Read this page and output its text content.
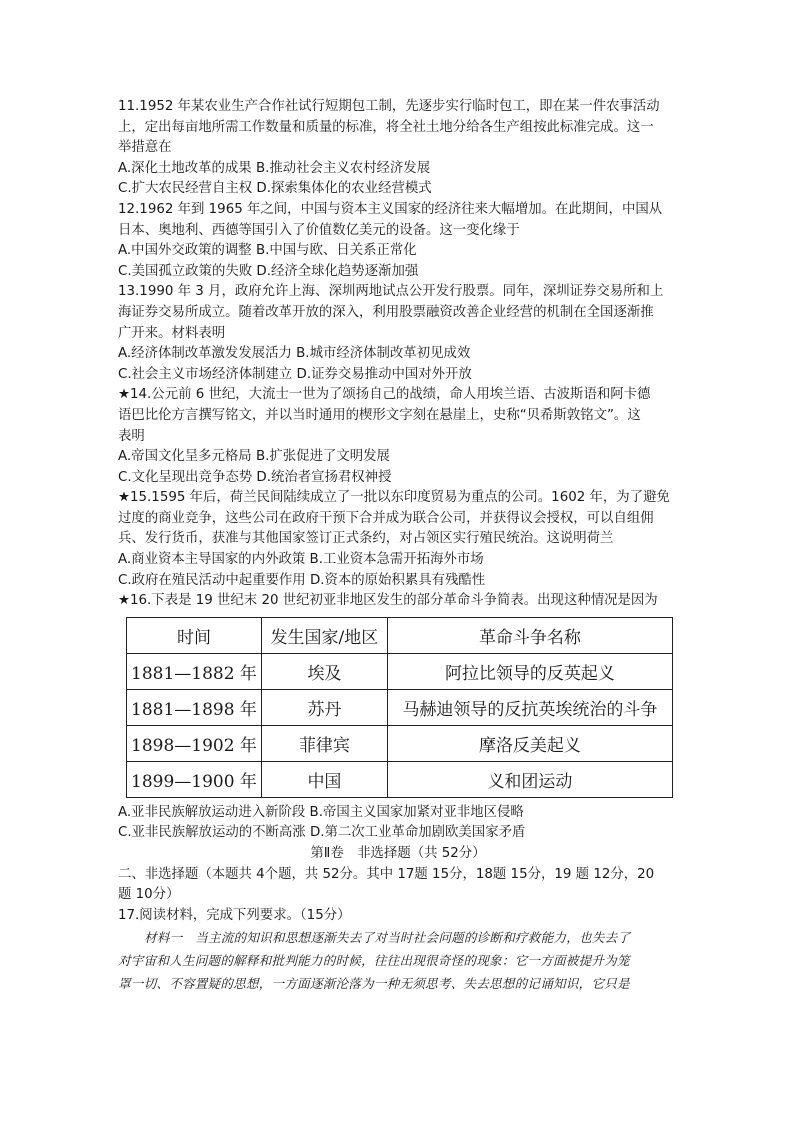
11.1952 年某农业生产合作社试行短期包工制，先逐步实行临时包工，即在某一件农事活动
上，定出每亩地所需工作数量和质量的标准，将全社土地分给各生产组按此标准完成。这一
举措意在
A.深化土地改革的成果 B.推动社会主义农村经济发展
C.扩大农民经营自主权 D.探索集体化的农业经营模式
12.1962 年到 1965 年之间，中国与资本主义国家的经济往来大幅增加。在此期间，中国从
日本、奥地利、西德等国引入了价值数亿美元的设备。这一变化缘于
A.中国外交政策的调整 B.中国与欧、日关系正常化
C.美国孤立政策的失败 D.经济全球化趋势逐渐加强
13.1990 年 3 月，政府允许上海、深圳两地试点公开发行股票。同年，深圳证券交易所和上
海证券交易所成立。随着改革开放的深入，利用股票融资改善企业经营的机制在全国逐渐推
广开来。材料表明
A.经济体制改革激发发展活力 B.城市经济体制改革初见成效
C.社会主义市场经济体制建立 D.证券交易推动中国对外开放
★14.公元前 6 世纪，大流士一世为了颂扬自己的战绩，命人用埃兰语、古波斯语和阿卡德
语巴比伦方言撰写铭文，并以当时通用的楔形文字刻在悬崖上，史称“贝希斯敦铭文”。这
表明
A.帝国文化呈多元格局 B.扩张促进了文明发展
C.文化呈现出竞争态势 D.统治者宣扬君权神授
★15.1595 年后，荷兰民间陆续成立了一批以东印度贸易为重点的公司。1602 年，为了避免
过度的商业竞争，这些公司在政府干预下合并成为联合公司，并获得议会授权，可以自组佣
兵、发行货币，获准与其他国家签订正式条约，对占领区实行殖民统治。这说明荷兰
A.商业资本主导国家的内外政策 B.工业资本急需开拓海外市场
C.政府在殖民活动中起重要作用 D.资本的原始积累具有残酷性
★16.下表是 19 世纪末 20 世纪初亚非地区发生的部分革命斗争简表。出现这种情况是因为
时间	发生国家/地区	革命斗争名称
1881—1882 年	埃及	阿拉比领导的反英起义
1881—1898 年	苏丹	马赫迪领导的反抗英埃统治的斗争
1898—1902 年	菲律宾	摩洛反美起义
1899—1900 年	中国	义和团运动
A.亚非民族解放运动进入新阶段 B.帝国主义国家加紧对亚非地区侵略
C.亚非民族解放运动的不断高涨 D.第二次工业革命加剧欧美国家矛盾
第Ⅱ卷　非选择题（共 52分）
二、非选择题（本题共 4个题，共 52分。其中 17题 15分，18题 15分，19 题 12分，20
题 10分）
17.阅读材料，完成下列要求。（15分）
材料一　当主流的知识和思想逐渐失去了对当时社会问题的诊断和疗救能力，也失去了
对宇宙和人生问题的解释和批判能力的时候，往往出现很奇怪的现象：它一方面被提升为笼
罩一切、不容置疑的思想，一方面逐渐沦落为一种无须思考、失去思想的记诵知识，它只是
